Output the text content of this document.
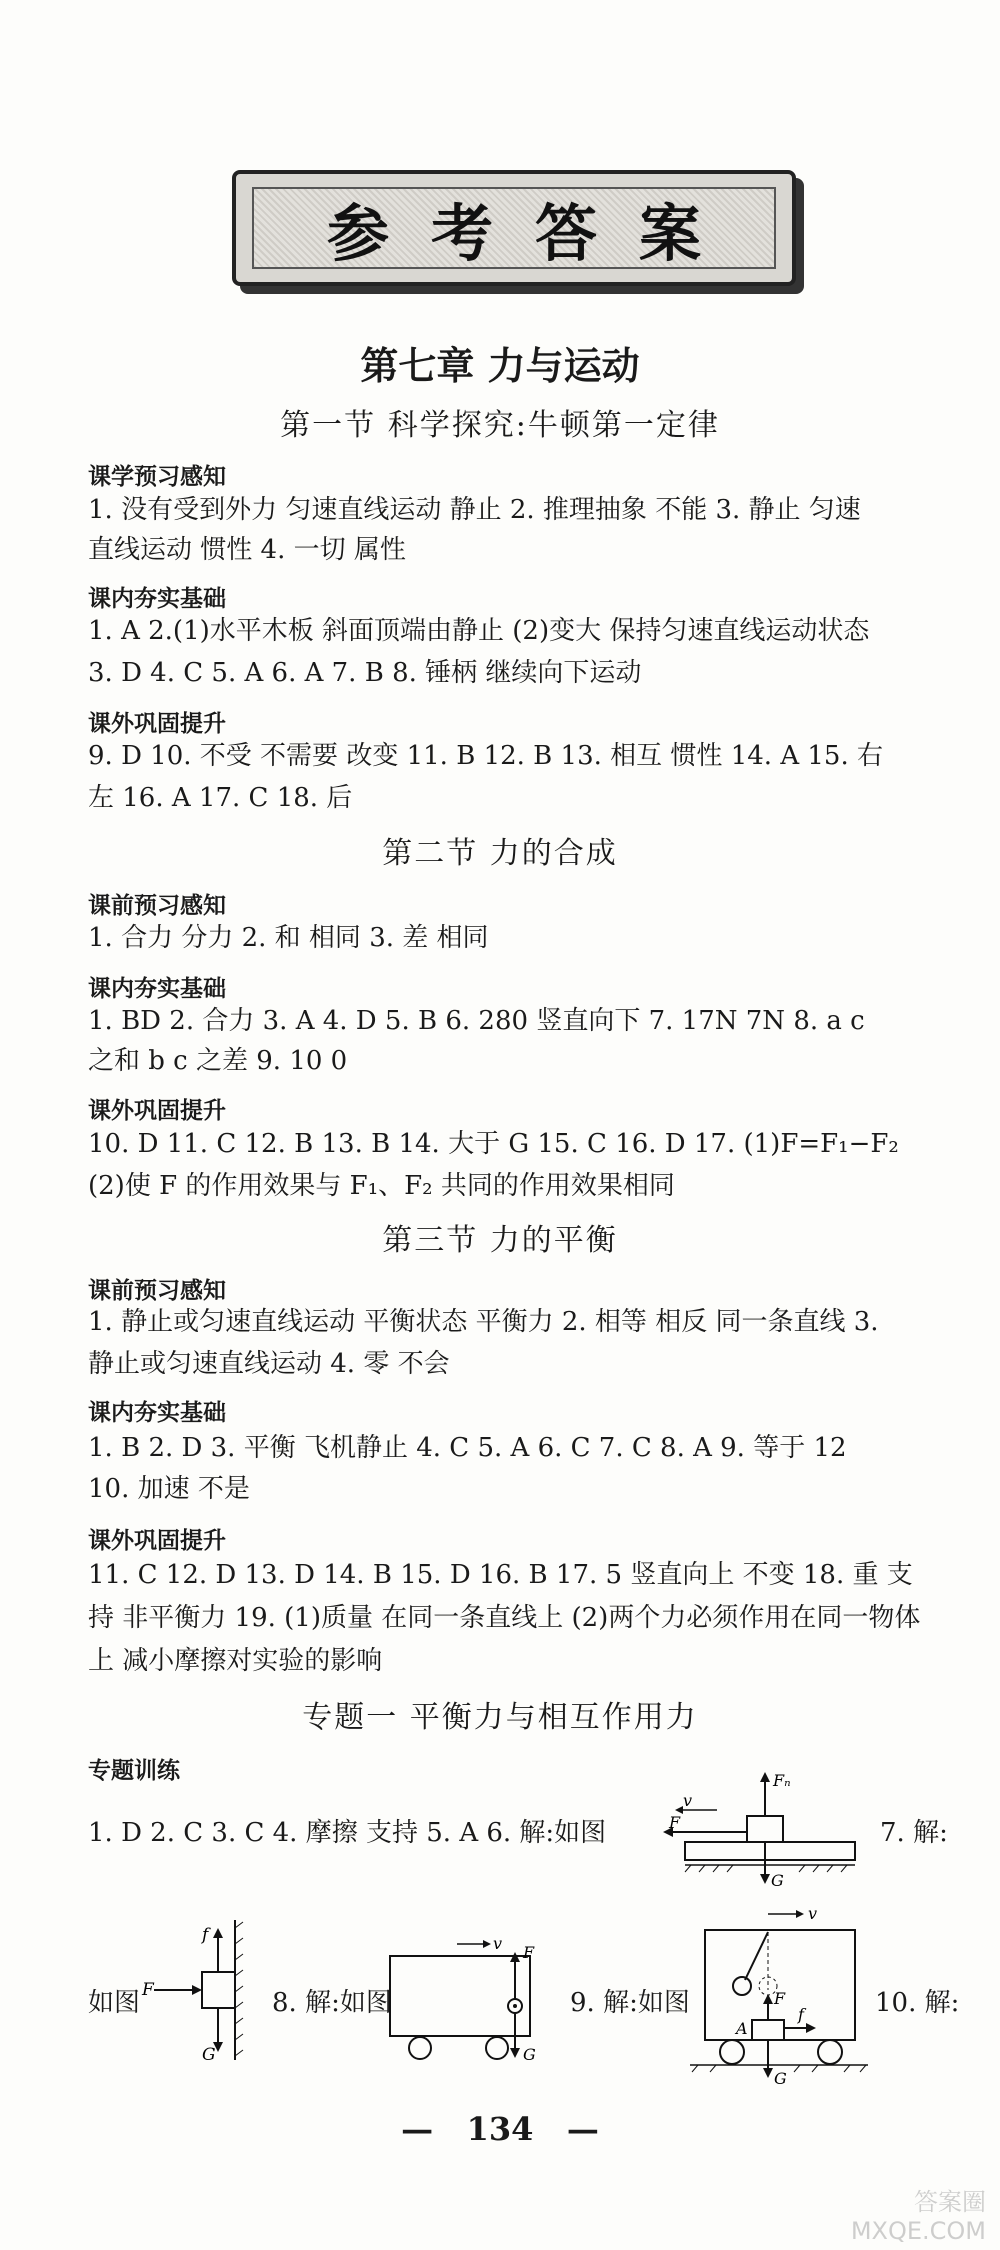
参考答案
第七章 力与运动
第一节 科学探究:牛顿第一定律
课学预习感知
1. 没有受到外力 匀速直线运动 静止 2. 推理抽象 不能 3. 静止 匀速
直线运动 惯性 4. 一切 属性
课内夯实基础
1. A 2.(1)水平木板 斜面顶端由静止 (2)变大 保持匀速直线运动状态
3. D 4. C 5. A 6. A 7. B 8. 锤柄 继续向下运动
课外巩固提升
9. D 10. 不受 不需要 改变 11. B 12. B 13. 相互 惯性 14. A 15. 右
左 16. A 17. C 18. 后
第二节 力的合成
课前预习感知
1. 合力 分力 2. 和 相同 3. 差 相同
课内夯实基础
1. BD 2. 合力 3. A 4. D 5. B 6. 280 竖直向下 7. 17N 7N 8. a c
之和 b c 之差 9. 10 0
课外巩固提升
10. D 11. C 12. B 13. B 14. 大于 G 15. C 16. D 17. (1)F=F₁−F₂
(2)使 F 的作用效果与 F₁、F₂ 共同的作用效果相同
第三节 力的平衡
课前预习感知
1. 静止或匀速直线运动 平衡状态 平衡力 2. 相等 相反 同一条直线 3.
静止或匀速直线运动 4. 零 不会
课内夯实基础
1. B 2. D 3. 平衡 飞机静止 4. C 5. A 6. C 7. C 8. A 9. 等于 12
10. 加速 不是
课外巩固提升
11. C 12. D 13. D 14. B 15. D 16. B 17. 5 竖直向上 不变 18. 重 支
持 非平衡力 19. (1)质量 在同一条直线上 (2)两个力必须作用在同一物体
上 减小摩擦对实验的影响
专题一 平衡力与相互作用力
专题训练
1. D 2. C 3. C 4. 摩擦 支持 5. A 6. 解:如图	7. 解:
Fₙ
F
v
G
如图
f
F
G
8. 解:如图
v F
G
9. 解:如图
v
F
f
A
G
10. 解:
— 134 —
答案圈 MXQE.COM
